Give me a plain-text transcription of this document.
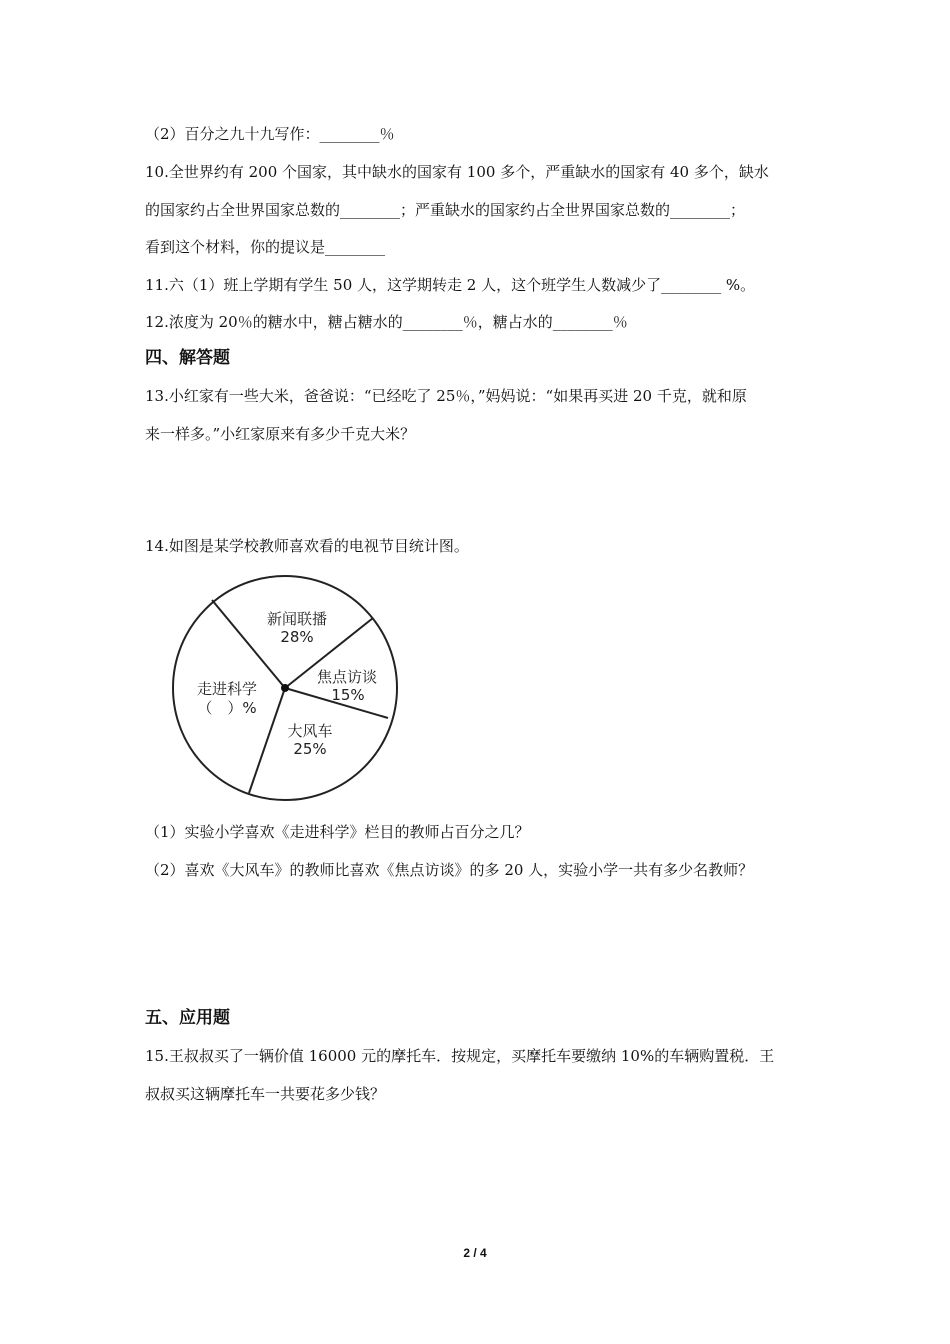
（2）百分之九十九写作：________％
10.全世界约有 200 个国家，其中缺水的国家有 100 多个，严重缺水的国家有 40 多个，缺水
的国家约占全世界国家总数的________；严重缺水的国家约占全世界国家总数的________；
看到这个材料，你的提议是________
11.六（1）班上学期有学生 50 人，这学期转走 2 人，这个班学生人数减少了________ %。
12.浓度为 20％的糖水中，糖占糖水的________％，糖占水的________％
四、解答题
13.小红家有一些大米，爸爸说：“已经吃了 25％，”妈妈说：“如果再买进 20 千克，就和原
来一样多。”小红家原来有多少千克大米？
14.如图是某学校教师喜欢看的电视节目统计图。
新闻联播
28%
焦点访谈
15%
大风车
25%
走进科学
（　）%
（1）实验小学喜欢《走进科学》栏目的教师占百分之几？
（2）喜欢《大风车》的教师比喜欢《焦点访谈》的多 20 人，实验小学一共有多少名教师？
五、应用题
15.王叔叔买了一辆价值 16000 元的摩托车．按规定，买摩托车要缴纳 10%的车辆购置税．王
叔叔买这辆摩托车一共要花多少钱？
2 / 4
